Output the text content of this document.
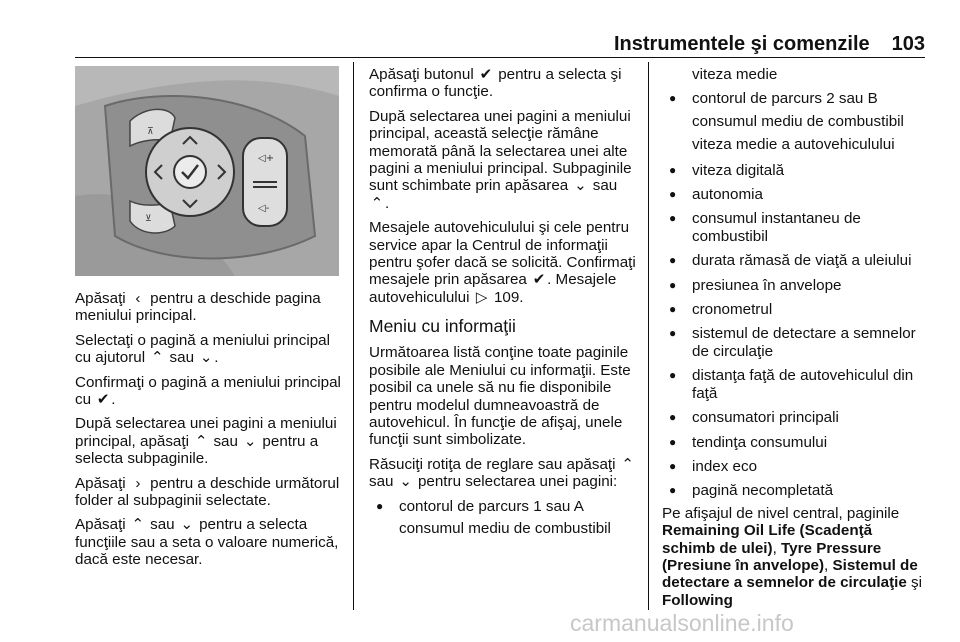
Instrumentele şi comenzile 103
⊼
⊻
◁+
◁-

Apăsaţi ‹ pentru a deschide pagina meniului principal.

Selectaţi o pagină a meniului principal cu ajutorul ⌃ sau ⌄ .

Confirmaţi o pagină a meniului principal cu ✔ .

După selectarea unei pagini a meniului principal, apăsaţi ⌃ sau ⌄ pentru a selecta subpaginile.

Apăsaţi › pentru a deschide următorul folder al subpaginii selectate.

Apăsaţi ⌃ sau ⌄ pentru a selecta funcţiile sau a seta o valoare numerică, dacă este necesar.

Apăsaţi butonul ✔ pentru a selecta şi confirma o funcţie.

După selectarea unei pagini a meniului principal, această selecţie rămâne memorată până la selectarea unei alte pagini a meniului principal. Subpaginile sunt schimbate prin apăsarea ⌄ sau ⌃ .

Mesajele autovehiculului şi cele pentru service apar la Centrul de informaţii pentru şofer dacă se solicită. Confirmaţi mesajele prin apăsarea ✔ . Mesajele autovehiculului ▷ 109.

Meniu cu informaţii

Următoarea listă conţine toate paginile posibile ale Meniului cu informaţii. Este posibil ca unele să nu fie disponibile pentru modelul dumneavoastră de autovehicul. În funcţie de afişaj, unele funcţii sunt simbolizate.

Răsuciţi rotiţa de reglare sau apăsaţi ⌃ sau ⌄ pentru selectarea unei pagini:

● contorul de parcurs 1 sau A
consumul mediu de combustibil
viteza medie
● contorul de parcurs 2 sau B
consumul mediu de combustibil
viteza medie a autovehiculului
● viteza digitală
● autonomia
● consumul instantaneu de combustibil
● durata rămasă de viaţă a uleiului
● presiunea în anvelope
● cronometrul
● sistemul de detectare a semnelor de circulaţie
● distanţa faţă de autovehiculul din faţă
● consumatori principali
● tendinţa consumului
● index eco
● pagină necompletată

Pe afişajul de nivel central, paginile Remaining Oil Life (Scadenţă schimb de ulei), Tyre Pressure (Presiune în anvelope), Sistemul de detectare a semnelor de circulaţie şi Following

carmanualsonline.info
